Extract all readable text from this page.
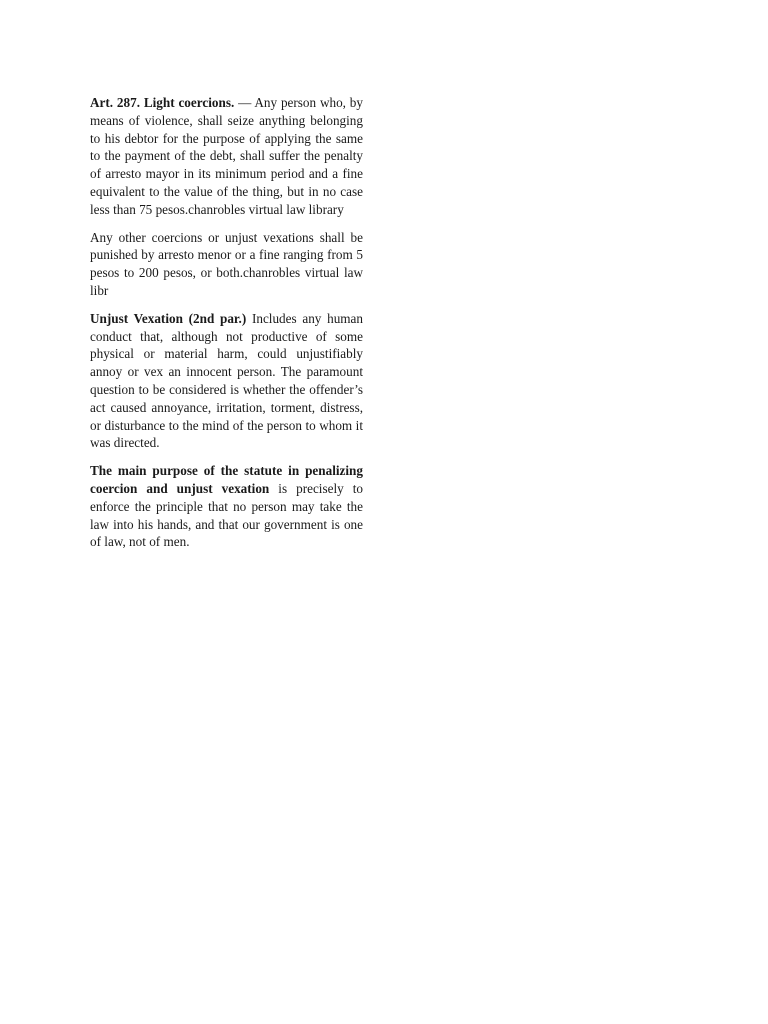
Art. 287. Light coercions. — Any person who, by means of violence, shall seize anything belonging to his debtor for the purpose of applying the same to the payment of the debt, shall suffer the penalty of arresto mayor in its minimum period and a fine equivalent to the value of the thing, but in no case less than 75 pesos.chanrobles virtual law library

Any other coercions or unjust vexations shall be punished by arresto menor or a fine ranging from 5 pesos to 200 pesos, or both.chanrobles virtual law libr

Unjust Vexation (2nd par.) Includes any human conduct that, although not productive of some physical or material harm, could unjustifiably annoy or vex an innocent person. The paramount question to be considered is whether the offender’s act caused annoyance, irritation, torment, distress, or disturbance to the mind of the person to whom it was directed.

The main purpose of the statute in penalizing coercion and unjust vexation is precisely to enforce the principle that no person may take the law into his hands, and that our government is one of law, not of men.
